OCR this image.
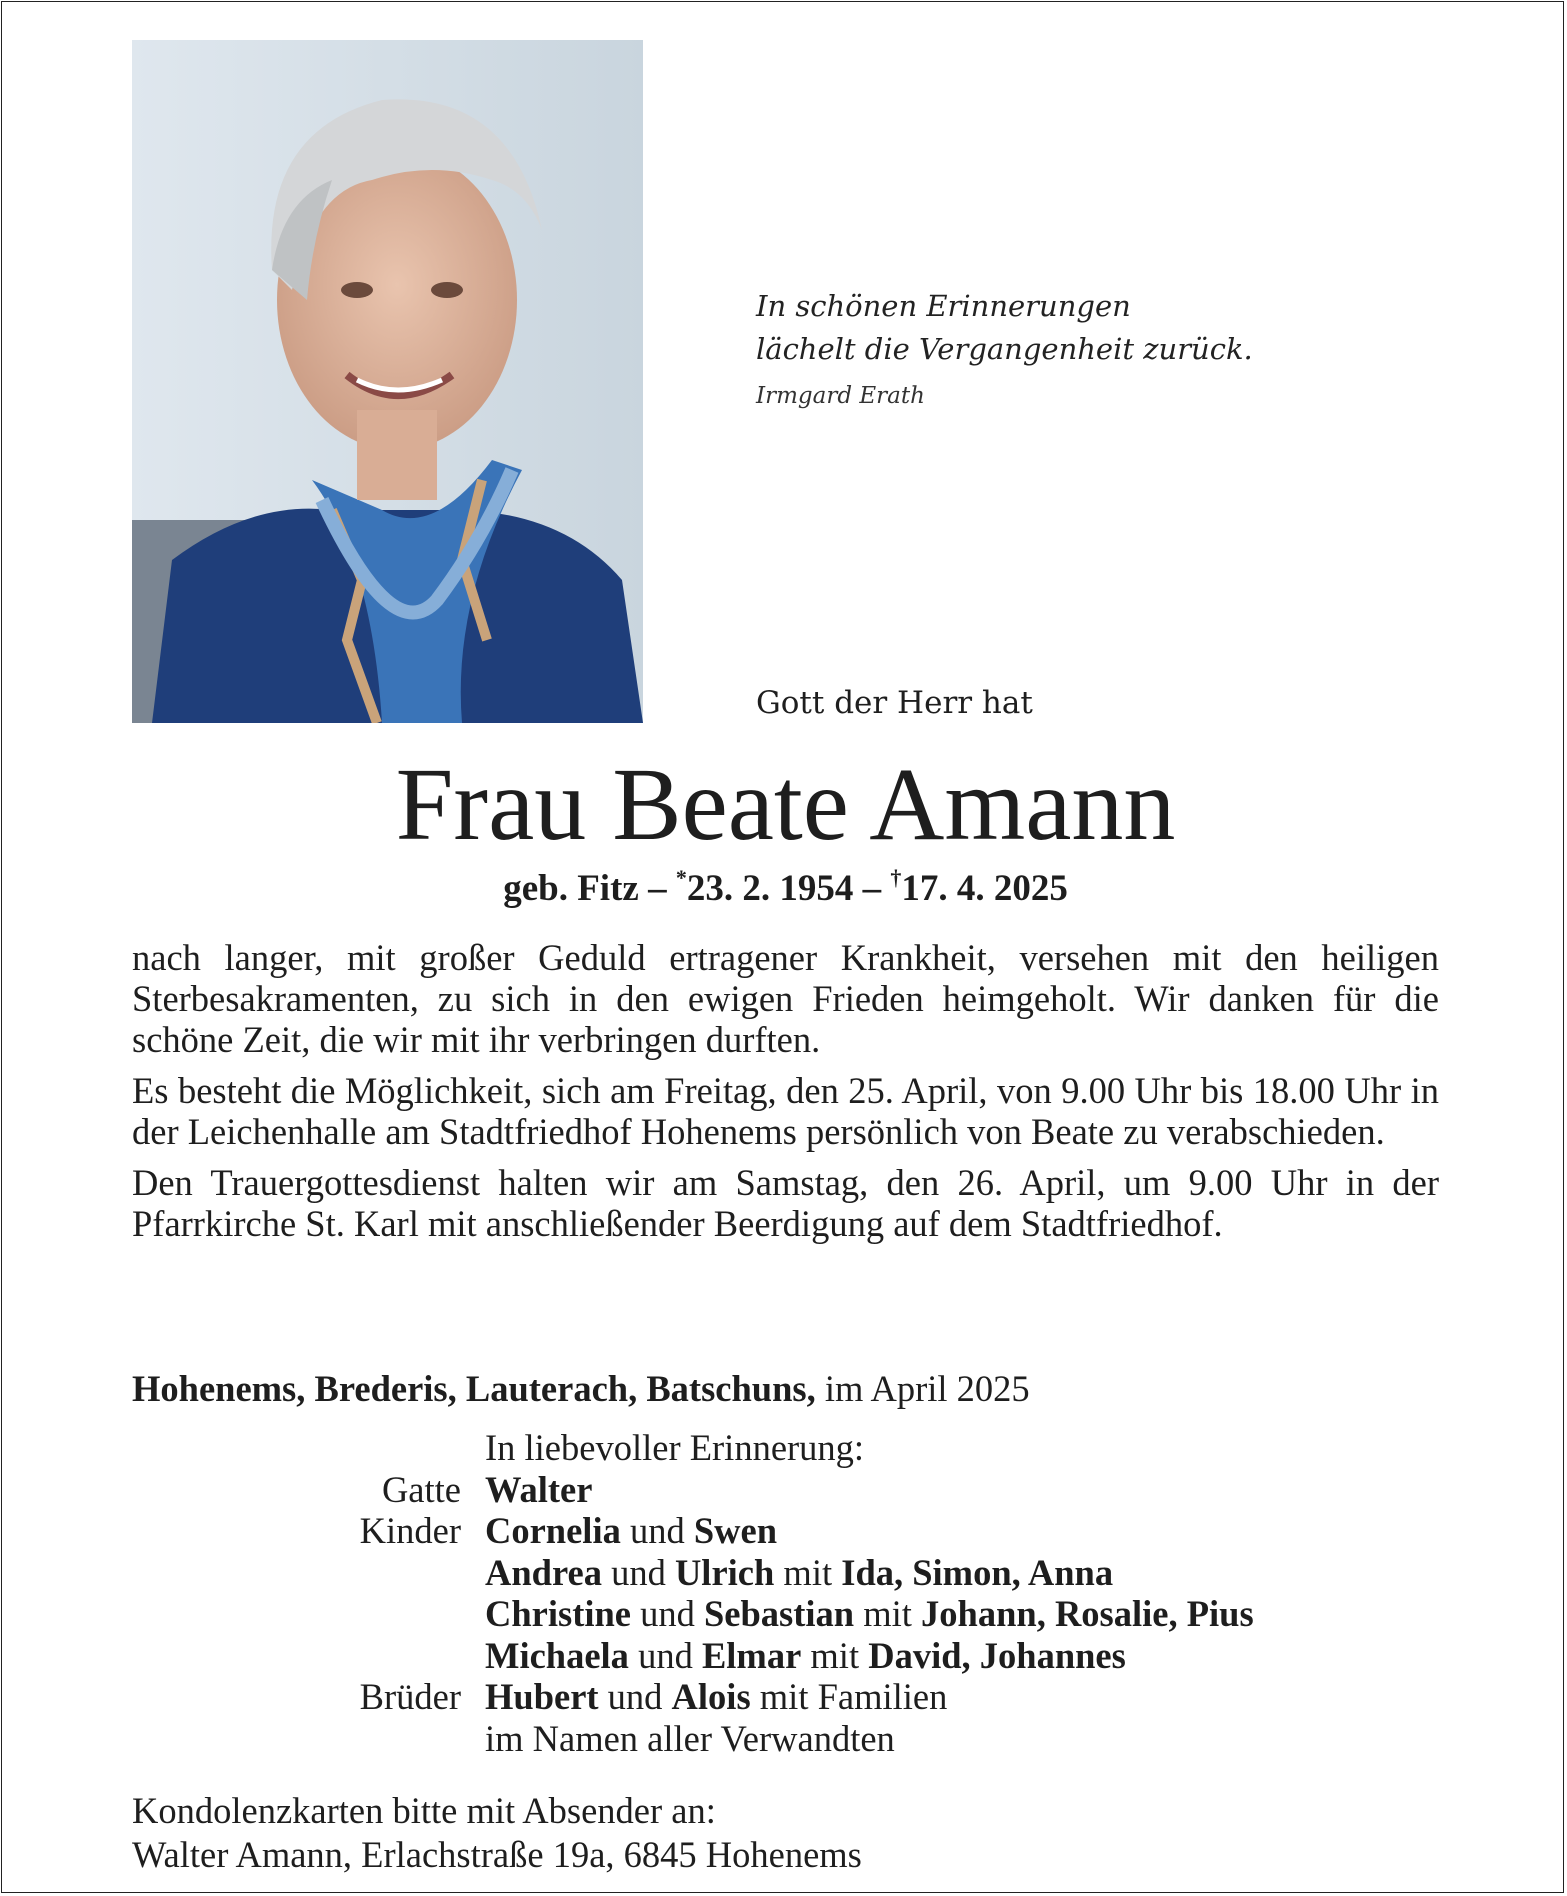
In schönen Erinnerungen
lächelt die Vergangenheit zurück.
Irmgard Erath
Gott der Herr hat
Frau Beate Amann
geb. Fitz – *23. 2. 1954 – †17. 4. 2025

nach langer, mit großer Geduld ertragener Krankheit, versehen mit den heiligen Sterbesakramenten, zu sich in den ewigen Frieden heimgeholt. Wir danken für die schöne Zeit, die wir mit ihr verbringen durften.

Es besteht die Möglichkeit, sich am Freitag, den 25. April, von 9.00 Uhr bis 18.00 Uhr in der Leichenhalle am Stadtfriedhof Hohenems persönlich von Beate zu verabschieden.

Den Trauergottesdienst halten wir am Samstag, den 26. April, um 9.00 Uhr in der Pfarrkirche St. Karl mit anschließender Beerdigung auf dem Stadtfriedhof.

Hohenems, Brederis, Lauterach, Batschuns, im April 2025
In liebevoller Erinnerung:
Gatte Walter
Kinder Cornelia und Swen
Andrea und Ulrich mit Ida, Simon, Anna
Christine und Sebastian mit Johann, Rosalie, Pius
Michaela und Elmar mit David, Johannes
Brüder Hubert und Alois mit Familien
im Namen aller Verwandten
Kondolenzkarten bitte mit Absender an:
Walter Amann, Erlachstraße 19a, 6845 Hohenems
